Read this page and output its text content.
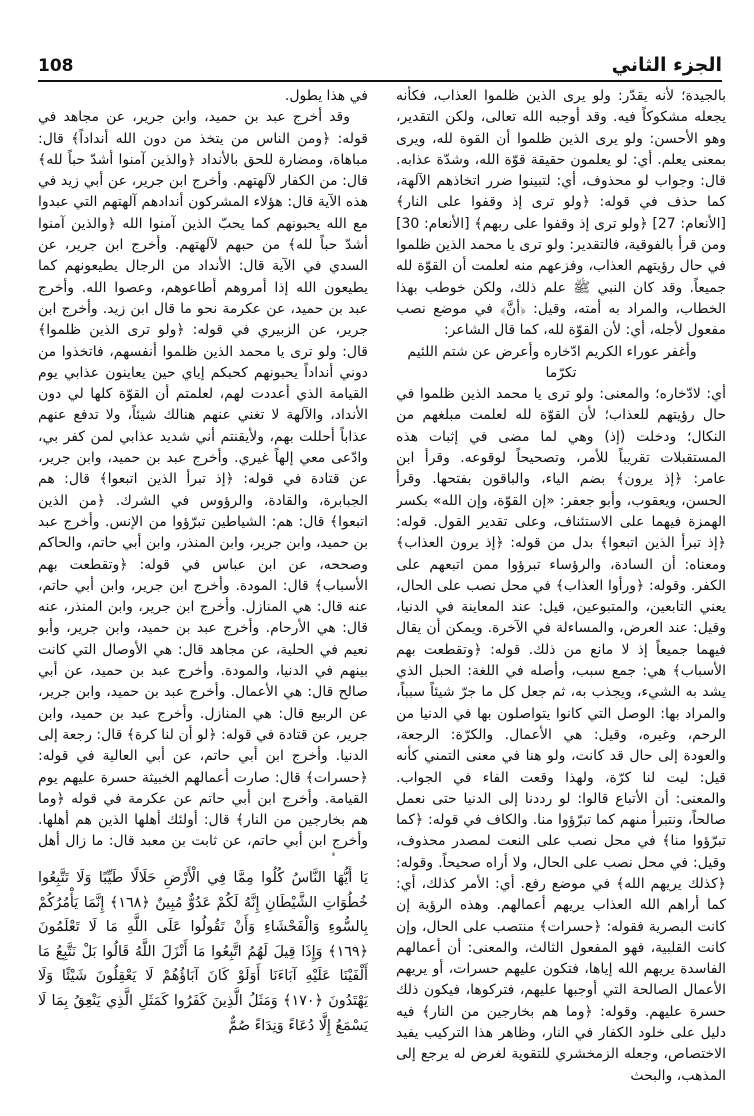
الجزء الثاني
108

بالجيدة؛ لأنه يقدّر: ولو يرى الذين ظلموا العذاب، فكأنه يجعله مشكوكاً فيه. وقد أوجبه الله تعالى، ولكن التقدير، وهو الأحسن: ولو يرى الذين ظلموا أن القوة لله، ويرى بمعنى يعلم. أي: لو يعلمون حقيقة قوّة الله، وشدّة عذابه. قال: وجواب لو محذوف، أي: لتبينوا ضرر اتخاذهم الآلهة، كما حذف في قوله: ﴿ولو ترى إذ وقفوا على النار﴾ [الأنعام: 27] ﴿ولو ترى إذ وقفوا على ربهم﴾ [الأنعام: 30] ومن قرأ بالفوقية، فالتقدير: ولو ترى يا محمد الذين ظلموا في حال رؤيتهم العذاب، وفزعهم منه لعلمت أن القوّة لله جميعاً. وقد كان النبي ﷺ علم ذلك، ولكن خوطب بهذا الخطاب، والمراد به أمته، وقيل: ﴿أنَّ﴾ في موضع نصب مفعول لأجله، أي: لأن القوّة لله، كما قال الشاعر:

وأغفر عوراء الكريم ادّخاره وأعرض عن شتم اللئيم تكرّما

أي: لادّخاره؛ والمعنى: ولو ترى يا محمد الذين ظلموا في حال رؤيتهم للعذاب؛ لأن القوّة لله لعلمت مبلغهم من النكال؛ ودخلت (إذ) وهي لما مضى في إثبات هذه المستقبلات تقريباً للأمر، وتصحيحاً لوقوعه. وقرأ ابن عامر: ﴿إذ يرون﴾ بضم الياء، والباقون بفتحها. وقرأ الحسن، ويعقوب، وأبو جعفر: «إن القوّة، وإن الله» بكسر الهمزة فيهما على الاستئناف، وعلى تقدير القول. قوله: ﴿إذ تبرأ الذين اتبعوا﴾ بدل من قوله: ﴿إذ يرون العذاب﴾ ومعناه: أن السادة، والرؤساء تبرؤوا ممن اتبعهم على الكفر. وقوله: ﴿ورأوا العذاب﴾ في محل نصب على الحال، يعني التابعين، والمتبوعين، قيل: عند المعاينة في الدنيا، وقيل: عند العرض، والمساءلة في الآخرة. ويمكن أن يقال فيهما جميعاً إذ لا مانع من ذلك. قوله: ﴿وتقطعت بهم الأسباب﴾ هي: جمع سبب، وأصله في اللغة: الحبل الذي يشد به الشيء، ويجذب به، ثم جعل كل ما جرّ شيئاً سبباً، والمراد بها: الوصل التي كانوا يتواصلون بها في الدنيا من الرحم، وغيره، وقيل: هي الأعمال. والكرّة: الرجعة، والعودة إلى حال قد كانت، ولو هنا في معنى التمني كأنه قيل: ليت لنا كرّة، ولهذا وقعت الفاء في الجواب. والمعنى: أن الأتباع قالوا: لو رددنا إلى الدنيا حتى نعمل صالحاً، ونتبرأ منهم كما تبرّؤوا منا. والكاف في قوله: ﴿كما تبرّؤوا منا﴾ في محل نصب على النعت لمصدر محذوف، وقيل: في محل نصب على الحال، ولا أراه صحيحاً. وقوله: ﴿كذلك يريهم الله﴾ في موضع رفع. أي: الأمر كذلك، أي: كما أراهم الله العذاب يريهم أعمالهم. وهذه الرؤية إن كانت البصرية فقوله: ﴿حسرات﴾ منتصب على الحال، وإن كانت القلبية، فهو المفعول الثالث، والمعنى: أن أعمالهم الفاسدة يريهم الله إياها، فتكون عليهم حسرات، أو يريهم الأعمال الصالحة التي أوجبها عليهم، فتركوها، فيكون ذلك حسرة عليهم. وقوله: ﴿وما هم بخارجين من النار﴾ فيه دليل على خلود الكفار في النار، وظاهر هذا التركيب يفيد الاختصاص، وجعله الزمخشري للتقوية لغرض له يرجع إلى المذهب، والبحث

في هذا يطول.

وقد أخرج عبد بن حميد، وابن جرير، عن مجاهد في قوله: ﴿ومن الناس من يتخذ من دون الله أنداداً﴾ قال: مباهاة، ومضارة للحق بالأنداد ﴿والذين آمنوا أشدّ حباً لله﴾ قال: من الكفار لآلهتهم. وأخرج ابن جرير، عن أبي زيد في هذه الآية قال: هؤلاء المشركون أندادهم آلهتهم التي عبدوا مع الله يحبونهم كما يحبّ الذين آمنوا الله ﴿والذين آمنوا أشدّ حباً لله﴾ من حبهم لآلهتهم. وأخرج ابن جرير، عن السدي في الآية قال: الأنداد من الرجال يطيعونهم كما يطيعون الله إذا أمروهم أطاعوهم، وعصوا الله. وأخرج عبد بن حميد، عن عكرمة نحو ما قال ابن زيد. وأخرج ابن جرير، عن الزبيري في قوله: ﴿ولو ترى الذين ظلموا﴾ قال: ولو ترى يا محمد الذين ظلموا أنفسهم، فاتخذوا من دوني أنداداً يحبونهم كحبكم إياي حين يعاينون عذابي يوم القيامة الذي أعددت لهم، لعلمتم أن القوّة كلها لي دون الأنداد، والآلهة لا تغني عنهم هنالك شيئاً، ولا تدفع عنهم عذاباً أحللت بهم، ولأيقنتم أني شديد عذابي لمن كفر بي، وادّعى معي إلهاً غيري. وأخرج عبد بن حميد، وابن جرير، عن قتادة في قوله: ﴿إذ تبرأ الذين اتبعوا﴾ قال: هم الجبابرة، والقادة، والرؤوس في الشرك. ﴿من الذين اتبعوا﴾ قال: هم: الشياطين تبرّؤوا من الإنس. وأخرج عبد بن حميد، وابن جرير، وابن المنذر، وابن أبي حاتم، والحاكم وصححه، عن ابن عباس في قوله: ﴿وتقطعت بهم الأسباب﴾ قال: المودة. وأخرج ابن جرير، وابن أبي حاتم، عنه قال: هي المنازل. وأخرج ابن جرير، وابن المنذر، عنه قال: هي الأرحام. وأخرج عبد بن حميد، وابن جرير، وأبو نعيم في الحلية، عن مجاهد قال: هي الأوصال التي كانت بينهم في الدنيا، والمودة. وأخرج عبد بن حميد، عن أبي صالح قال: هي الأعمال. وأخرج عبد بن حميد، وابن جرير، عن الربيع قال: هي المنازل. وأخرج عبد بن حميد، وابن جرير، عن قتادة في قوله: ﴿لو أن لنا كرة﴾ قال: رجعة إلى الدنيا. وأخرج ابن أبي حاتم، عن أبي العالية في قوله: ﴿حسرات﴾ قال: صارت أعمالهم الخبيثة حسرة عليهم يوم القيامة. وأخرج ابن أبي حاتم عن عكرمة في قوله ﴿وما هم بخارجين من النار﴾ قال: أولئك أهلها الذين هم أهلها. وأخرج ابن أبي حاتم، عن ثابت بن معبد قال: ما زال أهل

يَا أَيُّهَا النَّاسُ كُلُوا مِمَّا فِي الْأَرْضِ حَلَالًا طَيِّبًا وَلَا تَتَّبِعُوا خُطُوَاتِ الشَّيْطَانِ إِنَّهُ لَكُمْ عَدُوٌّ مُبِينٌ ﴿١٦٨﴾ إِنَّمَا يَأْمُرُكُمْ بِالسُّوءِ وَالْفَحْشَاءِ وَأَنْ تَقُولُوا عَلَى اللَّهِ مَا لَا تَعْلَمُونَ ﴿١٦٩﴾ وَإِذَا قِيلَ لَهُمُ اتَّبِعُوا مَا أَنْزَلَ اللَّهُ قَالُوا بَلْ نَتَّبِعُ مَا أَلْفَيْنَا عَلَيْهِ آبَاءَنَا أَوَلَوْ كَانَ آبَاؤُهُمْ لَا يَعْقِلُونَ شَيْئًا وَلَا يَهْتَدُونَ ﴿١٧٠﴾ وَمَثَلُ الَّذِينَ كَفَرُوا كَمَثَلِ الَّذِي يَنْعِقُ بِمَا لَا يَسْمَعُ إِلَّا دُعَاءً وَنِدَاءً صُمٌّ
